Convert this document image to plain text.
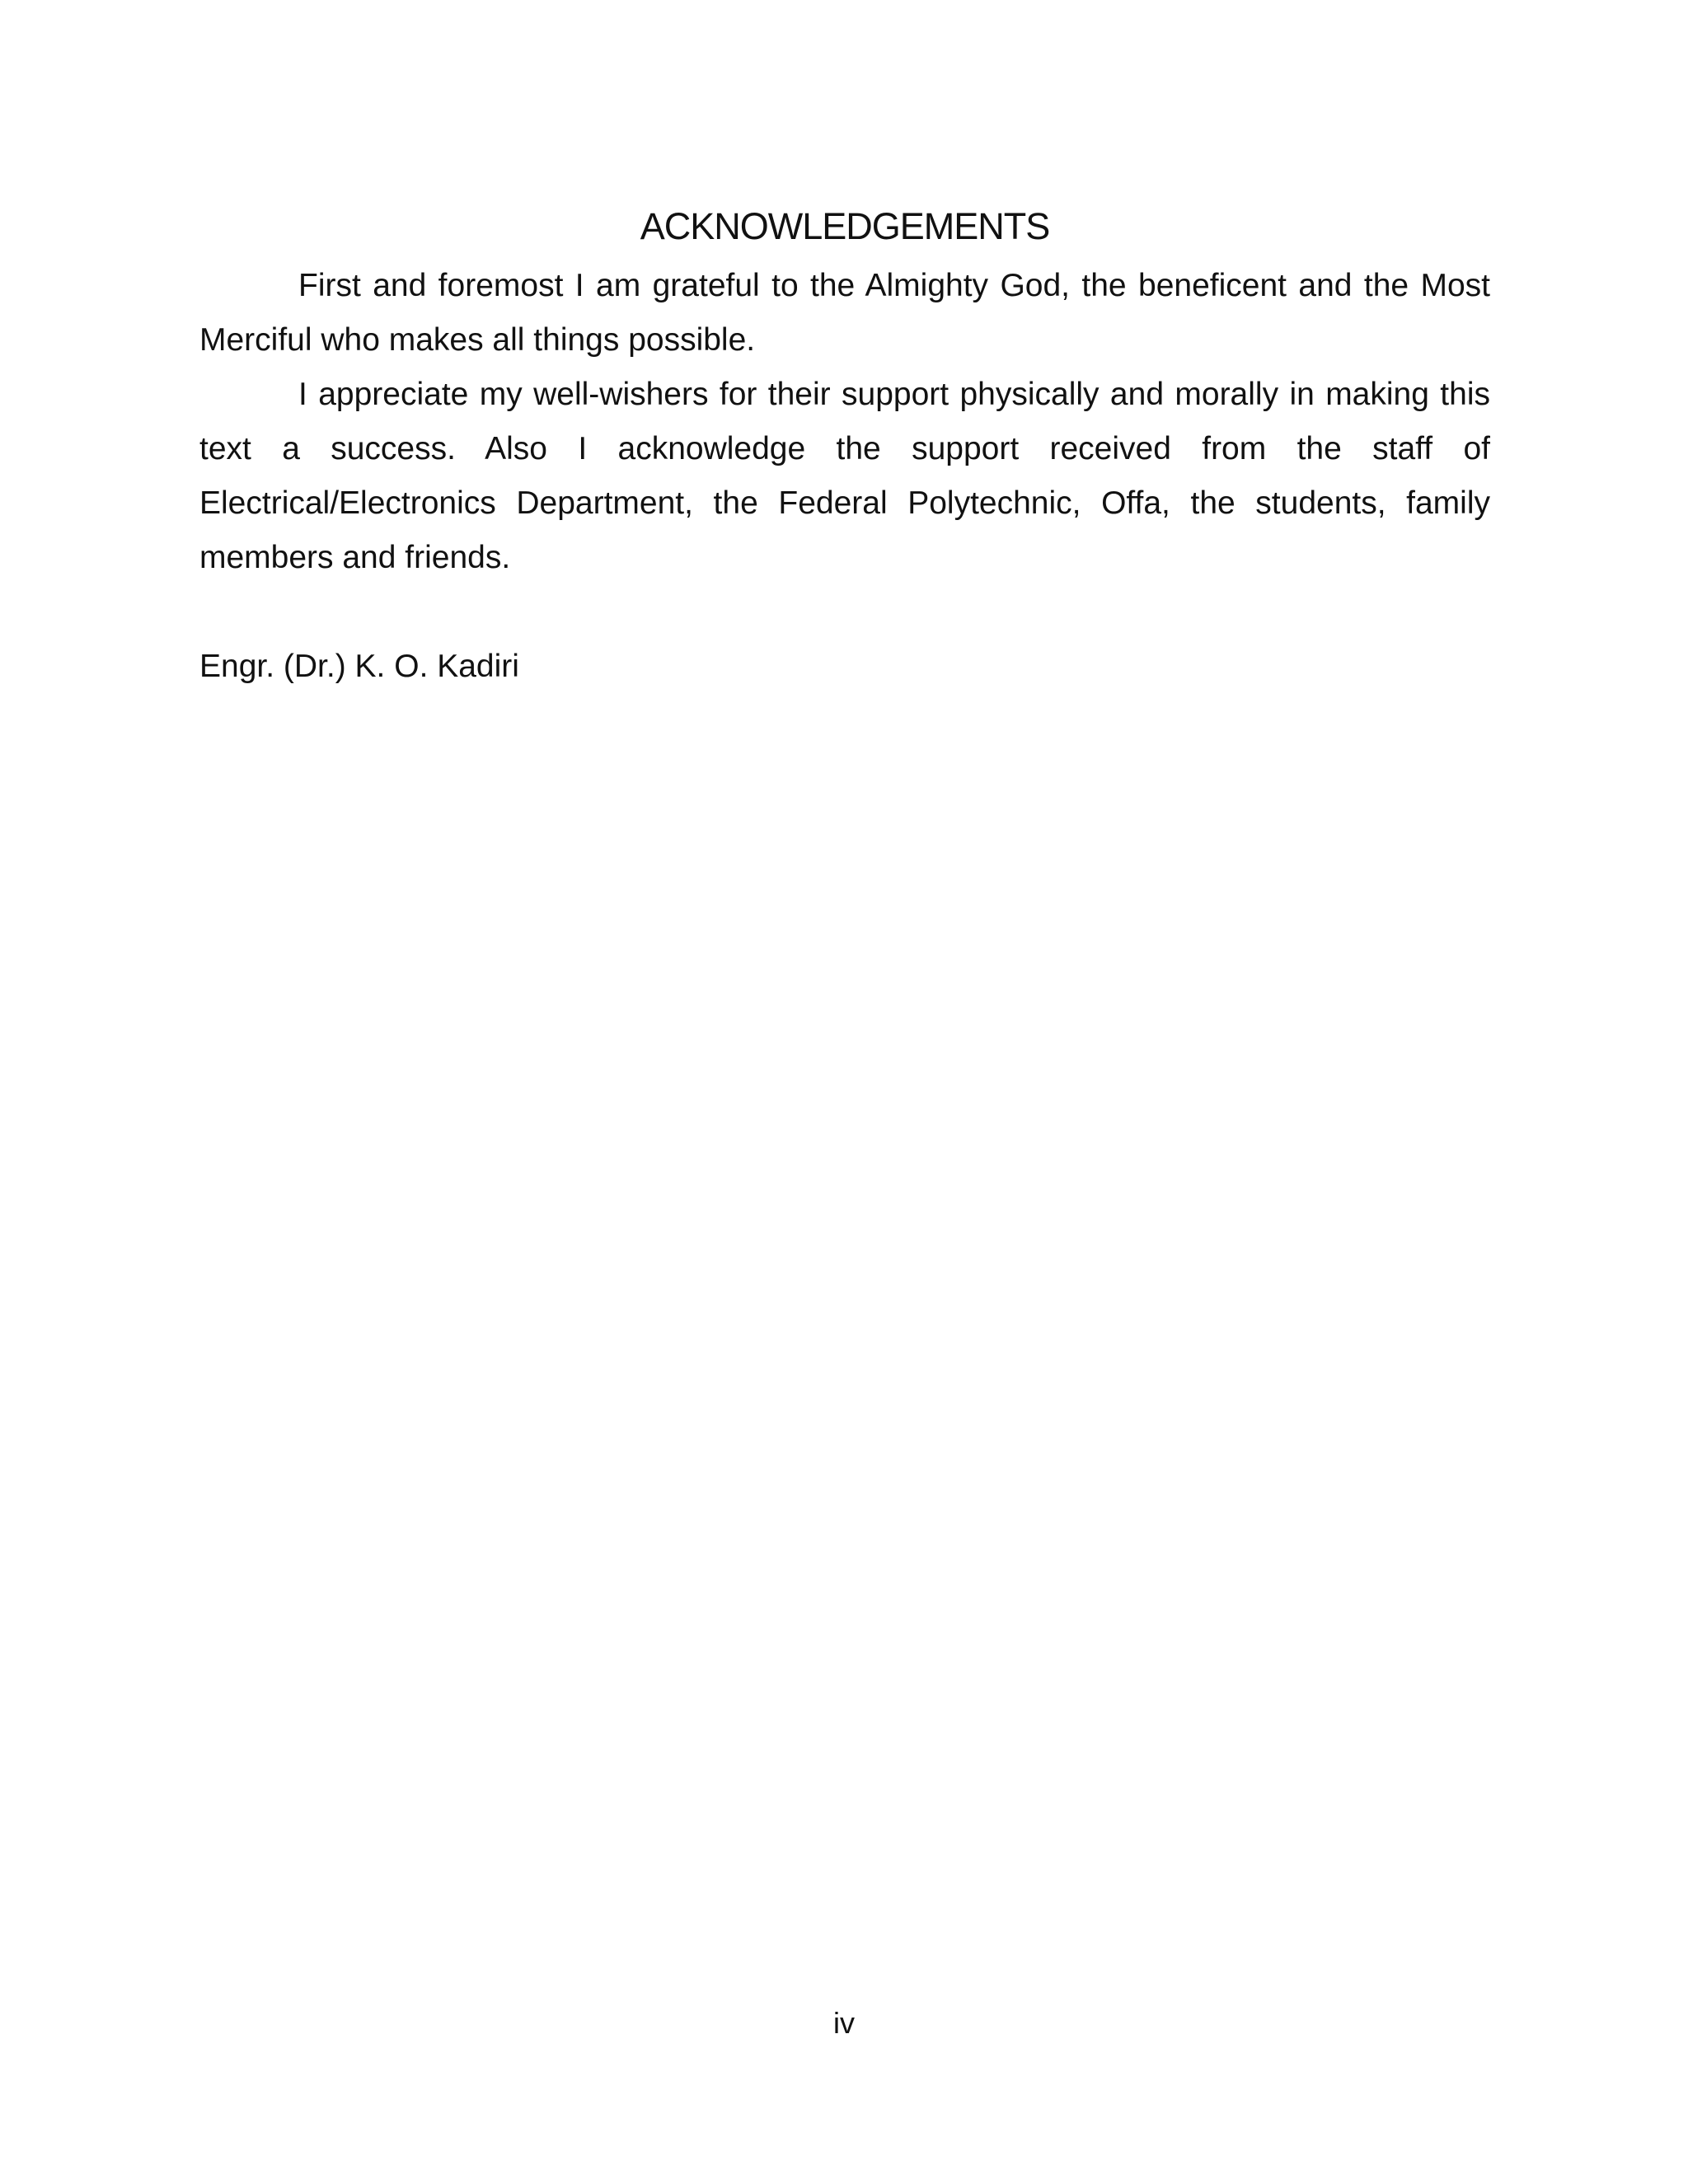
ACKNOWLEDGEMENTS

First and foremost I am grateful to the Almighty God, the beneficent and the Most Merciful who makes all things possible.

I appreciate my well-wishers for their support physically and morally in making this text a success. Also I acknowledge the support received from the staff of Electrical/Electronics Department, the Federal Polytechnic, Offa, the students, family members and friends.

Engr. (Dr.) K. O. Kadiri

iv
